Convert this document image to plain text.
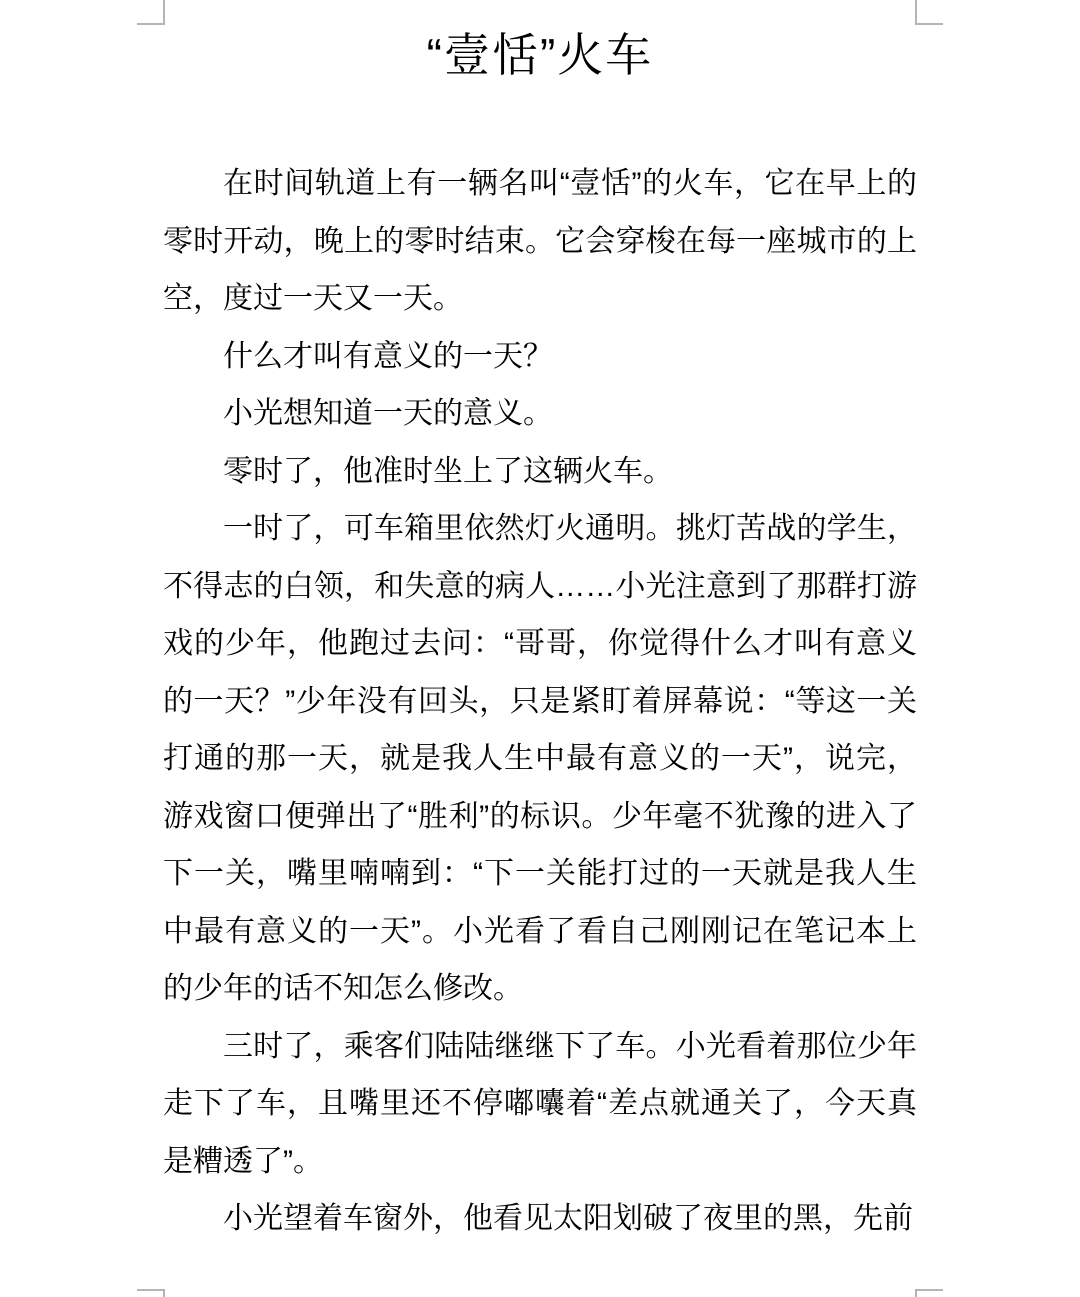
“壹恬”火车

在时间轨道上有一辆名叫“壹恬”的火车，它在早上的零时开动，晚上的零时结束。它会穿梭在每一座城市的上空，度过一天又一天。

什么才叫有意义的一天？

小光想知道一天的意义。

零时了，他准时坐上了这辆火车。

一时了，可车箱里依然灯火通明。挑灯苦战的学生，不得志的白领，和失意的病人……小光注意到了那群打游戏的少年，他跑过去问：“哥哥，你觉得什么才叫有意义的一天？”少年没有回头，只是紧盯着屏幕说：“等这一关打通的那一天，就是我人生中最有意义的一天”，说完，游戏窗口便弹出了“胜利”的标识。少年毫不犹豫的进入了下一关，嘴里喃喃到：“下一关能打过的一天就是我人生中最有意义的一天”。小光看了看自己刚刚记在笔记本上的少年的话不知怎么修改。

三时了，乘客们陆陆继继下了车。小光看着那位少年走下了车，且嘴里还不停嘟囔着“差点就通关了，今天真是糟透了”。

小光望着车窗外，他看见太阳划破了夜里的黑，先前
